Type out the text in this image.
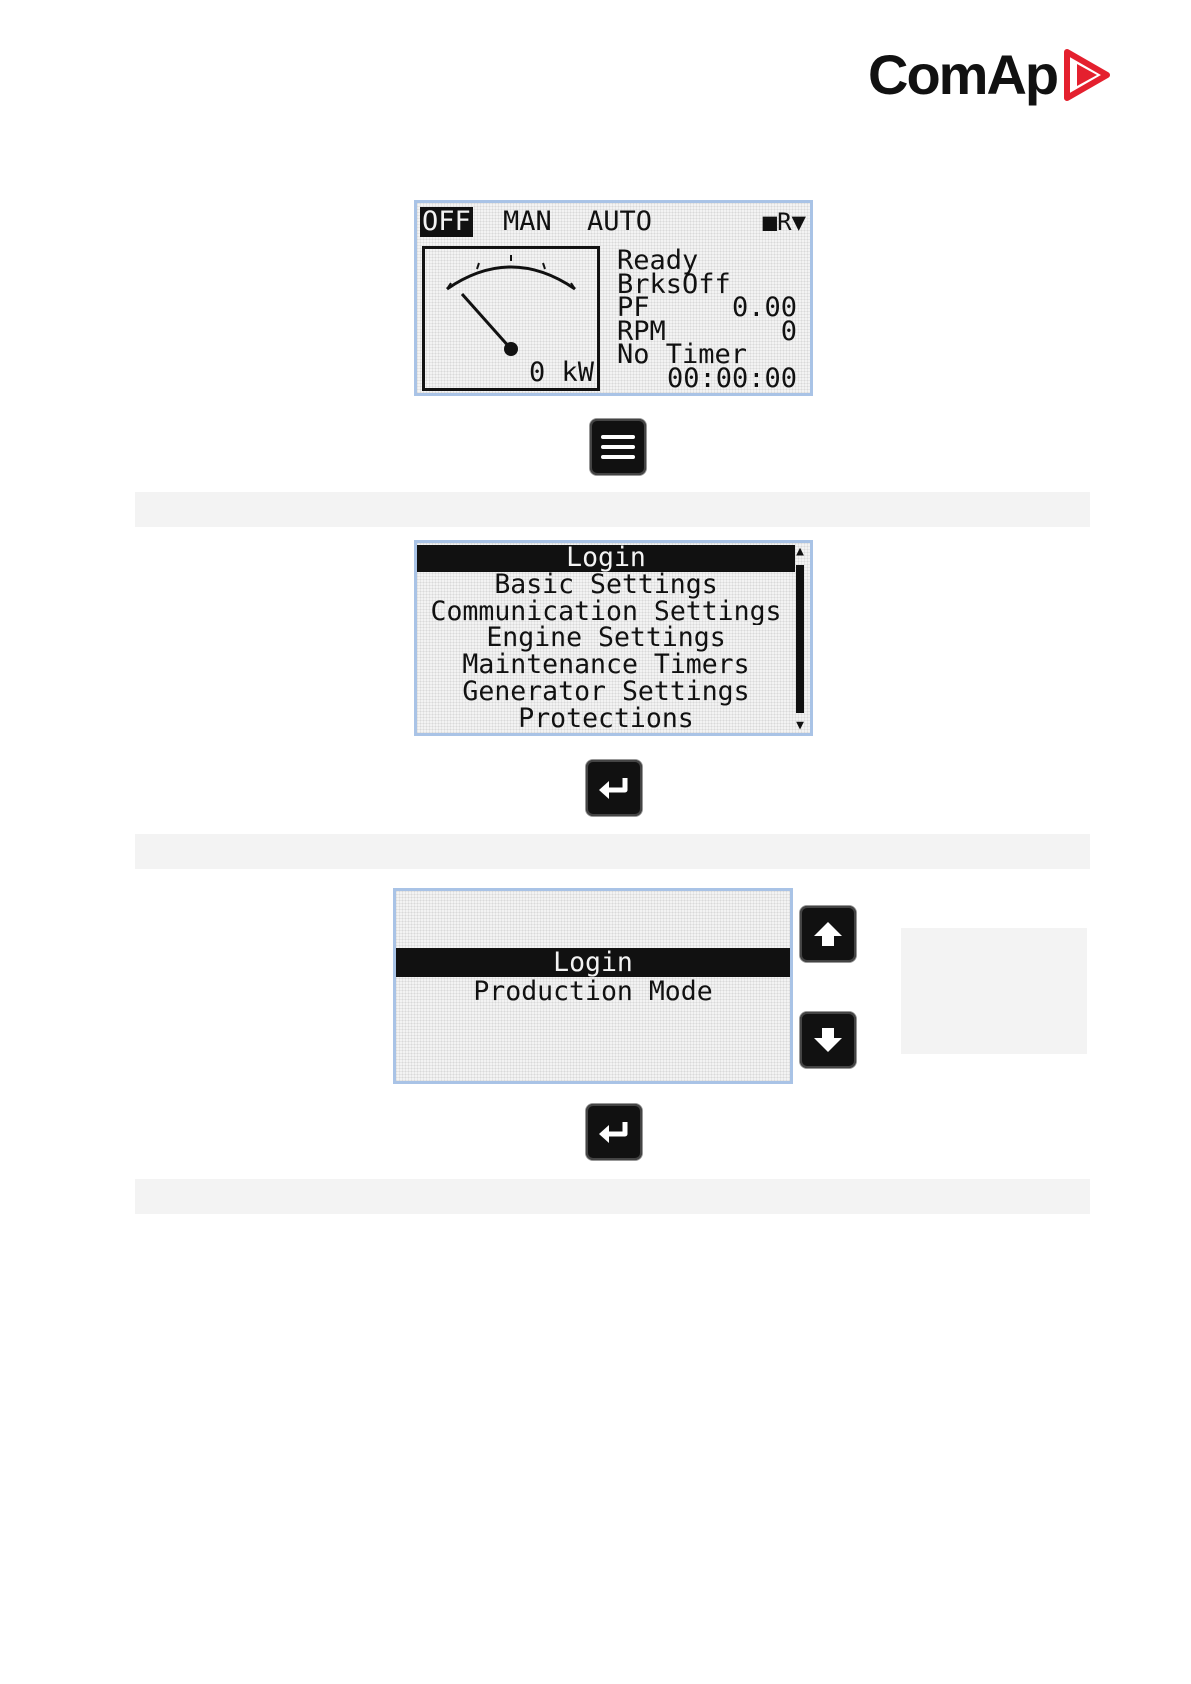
ComAp
OFF MAN AUTO	■R▼
0 kW
Ready
BrksOff
PF	0.00
RPM	0
No Timer
00:00:00
Login
Basic Settings
Communication Settings
Engine Settings
Maintenance Timers
Generator Settings
Protections
▲
▼
Login
Production Mode
